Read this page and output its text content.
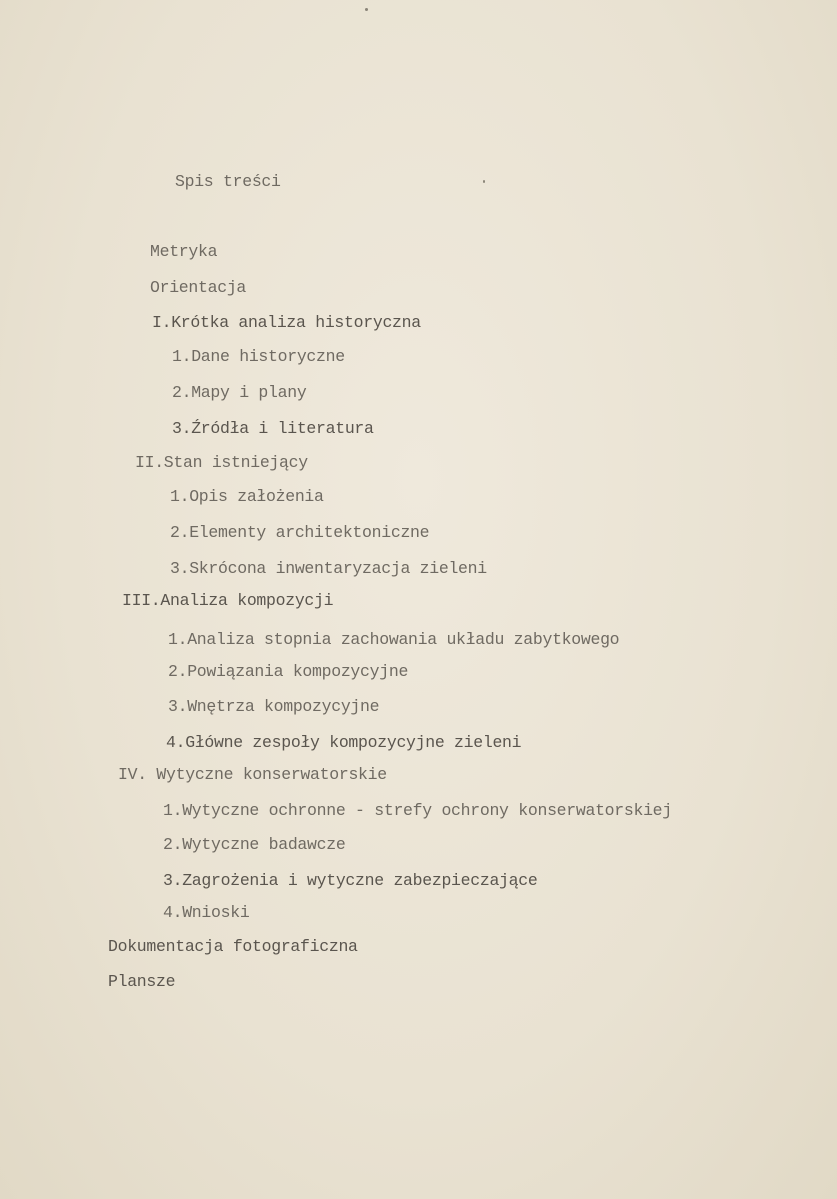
Spis treści
Metryka
Orientacja
I.Krótka analiza historyczna
1.Dane historyczne
2.Mapy i plany
3.Źródła i literatura
II.Stan istniejący
1.Opis założenia
2.Elementy architektoniczne
3.Skrócona inwentaryzacja zieleni
III.Analiza kompozycji
1.Analiza stopnia zachowania układu zabytkowego
2.Powiązania kompozycyjne
3.Wnętrza kompozycyjne
4.Główne zespoły kompozycyjne zieleni
IV. Wytyczne konserwatorskie
1.Wytyczne ochronne - strefy ochrony konserwatorskiej
2.Wytyczne badawcze
3.Zagrożenia i wytyczne zabezpieczające
4.Wnioski
Dokumentacja fotograficzna
Plansze
